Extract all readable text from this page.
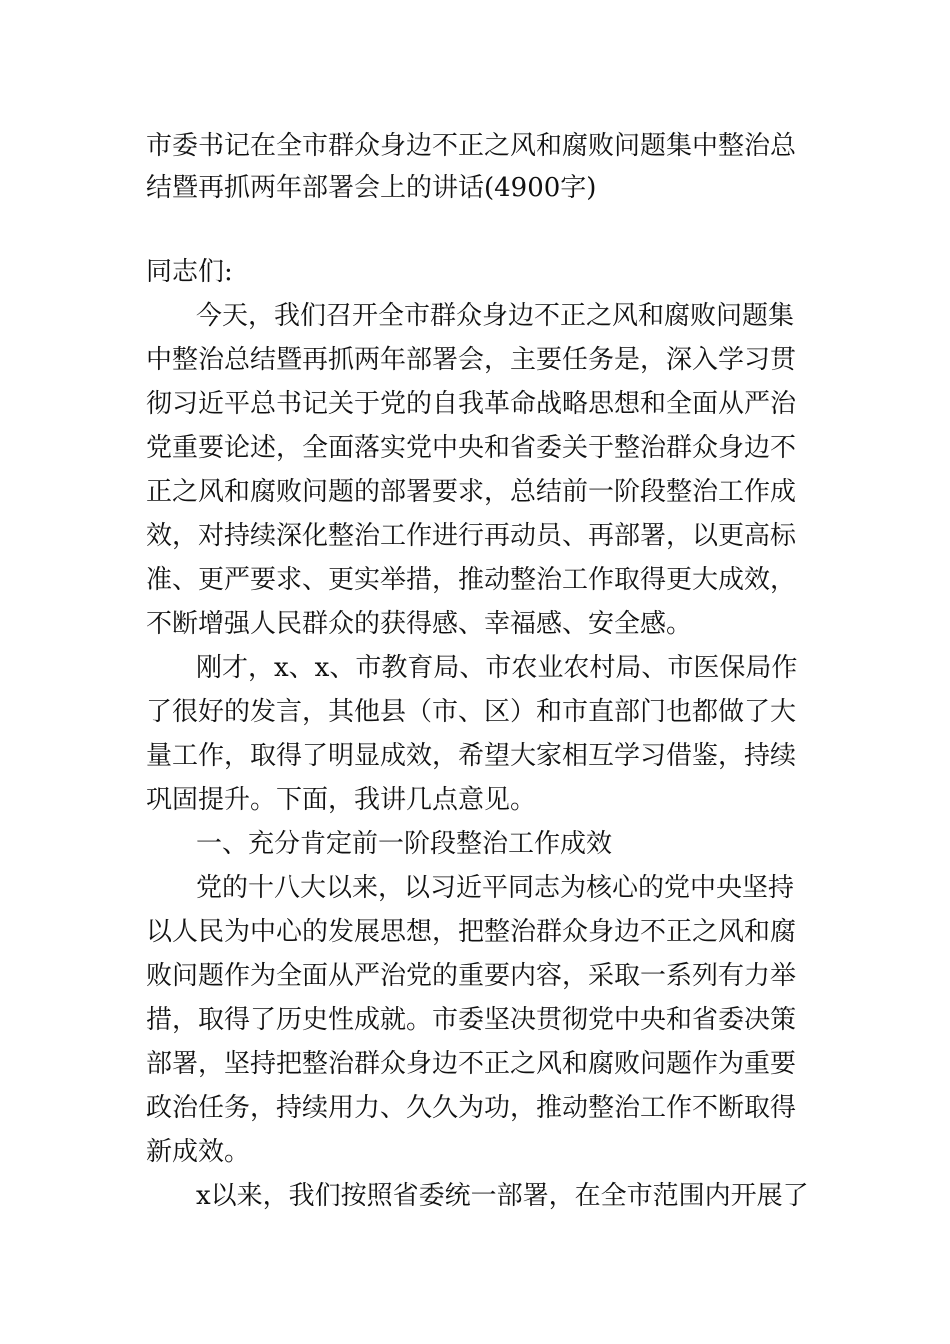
市委书记在全市群众身边不正之风和腐败问题集中整治总
结暨再抓两年部署会上的讲话(4900字)
同志们:
今天，我们召开全市群众身边不正之风和腐败问题集
中整治总结暨再抓两年部署会，主要任务是，深入学习贯
彻习近平总书记关于党的自我革命战略思想和全面从严治
党重要论述，全面落实党中央和省委关于整治群众身边不
正之风和腐败问题的部署要求，总结前一阶段整治工作成
效，对持续深化整治工作进行再动员、再部署，以更高标
准、更严要求、更实举措，推动整治工作取得更大成效，
不断增强人民群众的获得感、幸福感、安全感。
刚才，x、x、市教育局、市农业农村局、市医保局作
了很好的发言，其他县（市、区）和市直部门也都做了大
量工作，取得了明显成效，希望大家相互学习借鉴，持续
巩固提升。下面，我讲几点意见。
一、充分肯定前一阶段整治工作成效
党的十八大以来，以习近平同志为核心的党中央坚持
以人民为中心的发展思想，把整治群众身边不正之风和腐
败问题作为全面从严治党的重要内容，采取一系列有力举
措，取得了历史性成就。市委坚决贯彻党中央和省委决策
部署，坚持把整治群众身边不正之风和腐败问题作为重要
政治任务，持续用力、久久为功，推动整治工作不断取得
新成效。
x以来，我们按照省委统一部署，在全市范围内开展了
